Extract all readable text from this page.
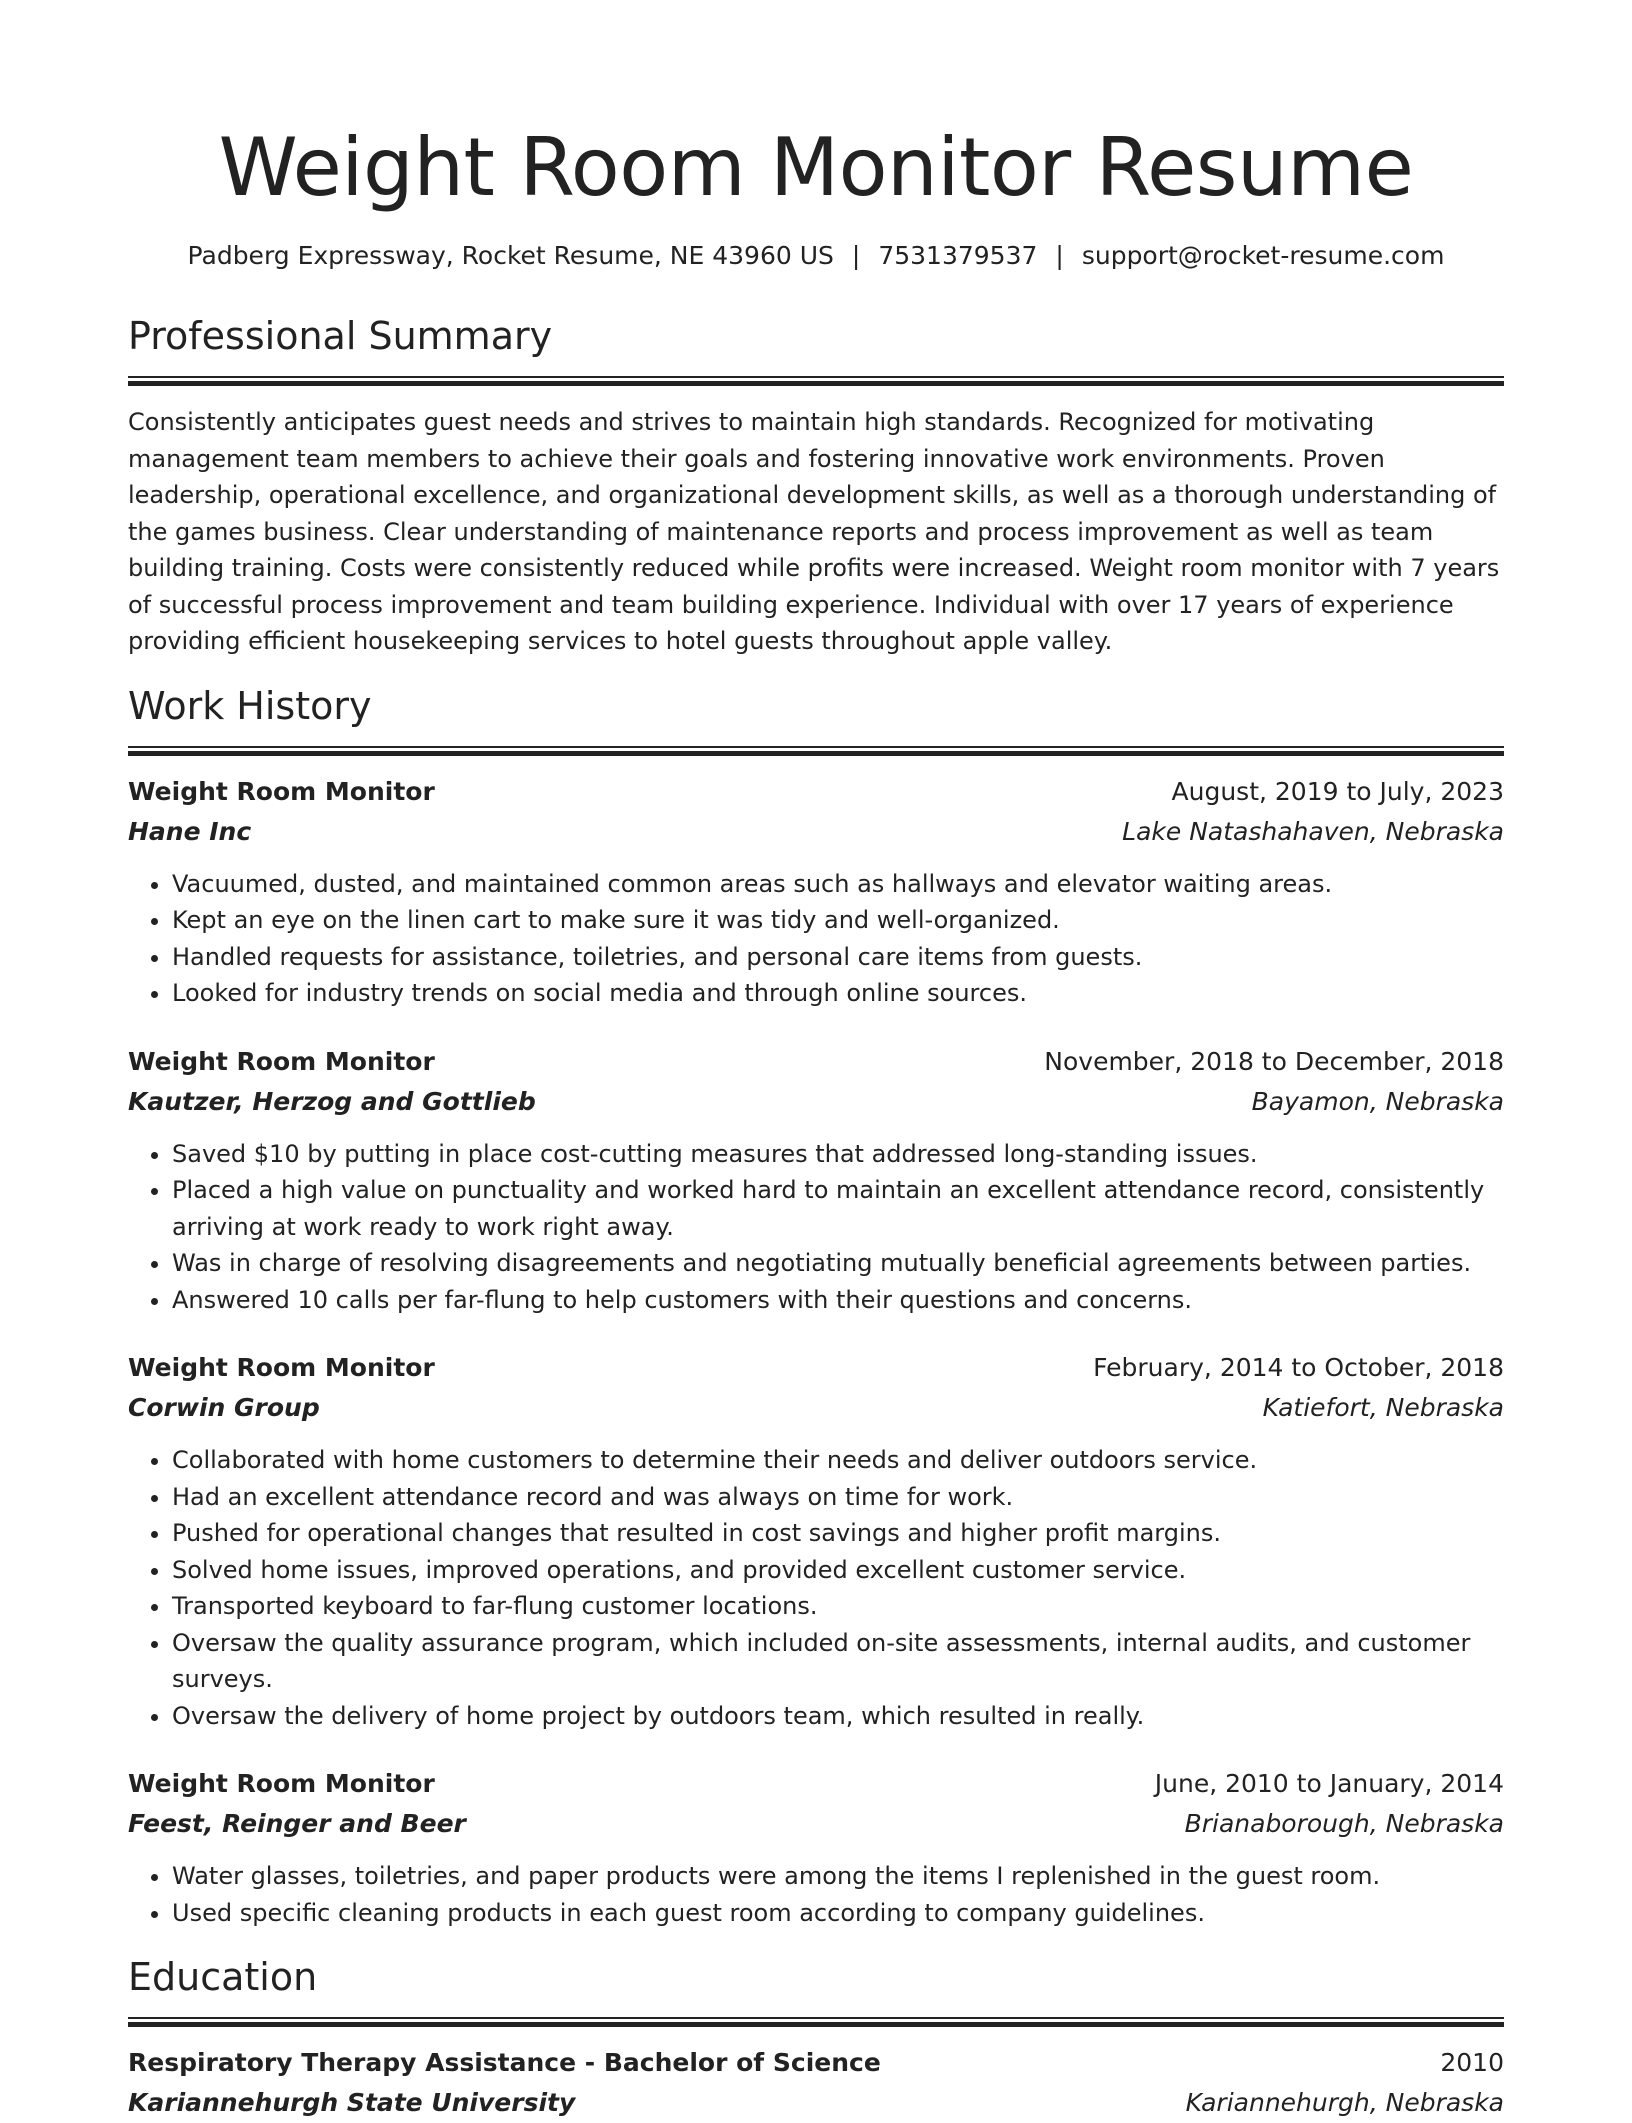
Weight Room Monitor Resume
Padberg Expressway, Rocket Resume, NE 43960 US | 7531379537 | support@rocket-resume.com
Professional Summary
Consistently anticipates guest needs and strives to maintain high standards. Recognized for motivating management team members to achieve their goals and fostering innovative work environments. Proven leadership, operational excellence, and organizational development skills, as well as a thorough understanding of the games business. Clear understanding of maintenance reports and process improvement as well as team building training. Costs were consistently reduced while profits were increased. Weight room monitor with 7 years of successful process improvement and team building experience. Individual with over 17 years of experience providing efficient housekeeping services to hotel guests throughout apple valley.
Work History
Weight Room Monitor	August, 2019 to July, 2023
Hane Inc	Lake Natashahaven, Nebraska
• Vacuumed, dusted, and maintained common areas such as hallways and elevator waiting areas.
• Kept an eye on the linen cart to make sure it was tidy and well-organized.
• Handled requests for assistance, toiletries, and personal care items from guests.
• Looked for industry trends on social media and through online sources.
Weight Room Monitor	November, 2018 to December, 2018
Kautzer, Herzog and Gottlieb	Bayamon, Nebraska
• Saved $10 by putting in place cost-cutting measures that addressed long-standing issues.
• Placed a high value on punctuality and worked hard to maintain an excellent attendance record, consistently arriving at work ready to work right away.
• Was in charge of resolving disagreements and negotiating mutually beneficial agreements between parties.
• Answered 10 calls per far-flung to help customers with their questions and concerns.
Weight Room Monitor	February, 2014 to October, 2018
Corwin Group	Katiefort, Nebraska
• Collaborated with home customers to determine their needs and deliver outdoors service.
• Had an excellent attendance record and was always on time for work.
• Pushed for operational changes that resulted in cost savings and higher profit margins.
• Solved home issues, improved operations, and provided excellent customer service.
• Transported keyboard to far-flung customer locations.
• Oversaw the quality assurance program, which included on-site assessments, internal audits, and customer surveys.
• Oversaw the delivery of home project by outdoors team, which resulted in really.
Weight Room Monitor	June, 2010 to January, 2014
Feest, Reinger and Beer	Brianaborough, Nebraska
• Water glasses, toiletries, and paper products were among the items I replenished in the guest room.
• Used specific cleaning products in each guest room according to company guidelines.
Education
Respiratory Therapy Assistance - Bachelor of Science	2010
Kariannehurgh State University	Kariannehurgh, Nebraska
